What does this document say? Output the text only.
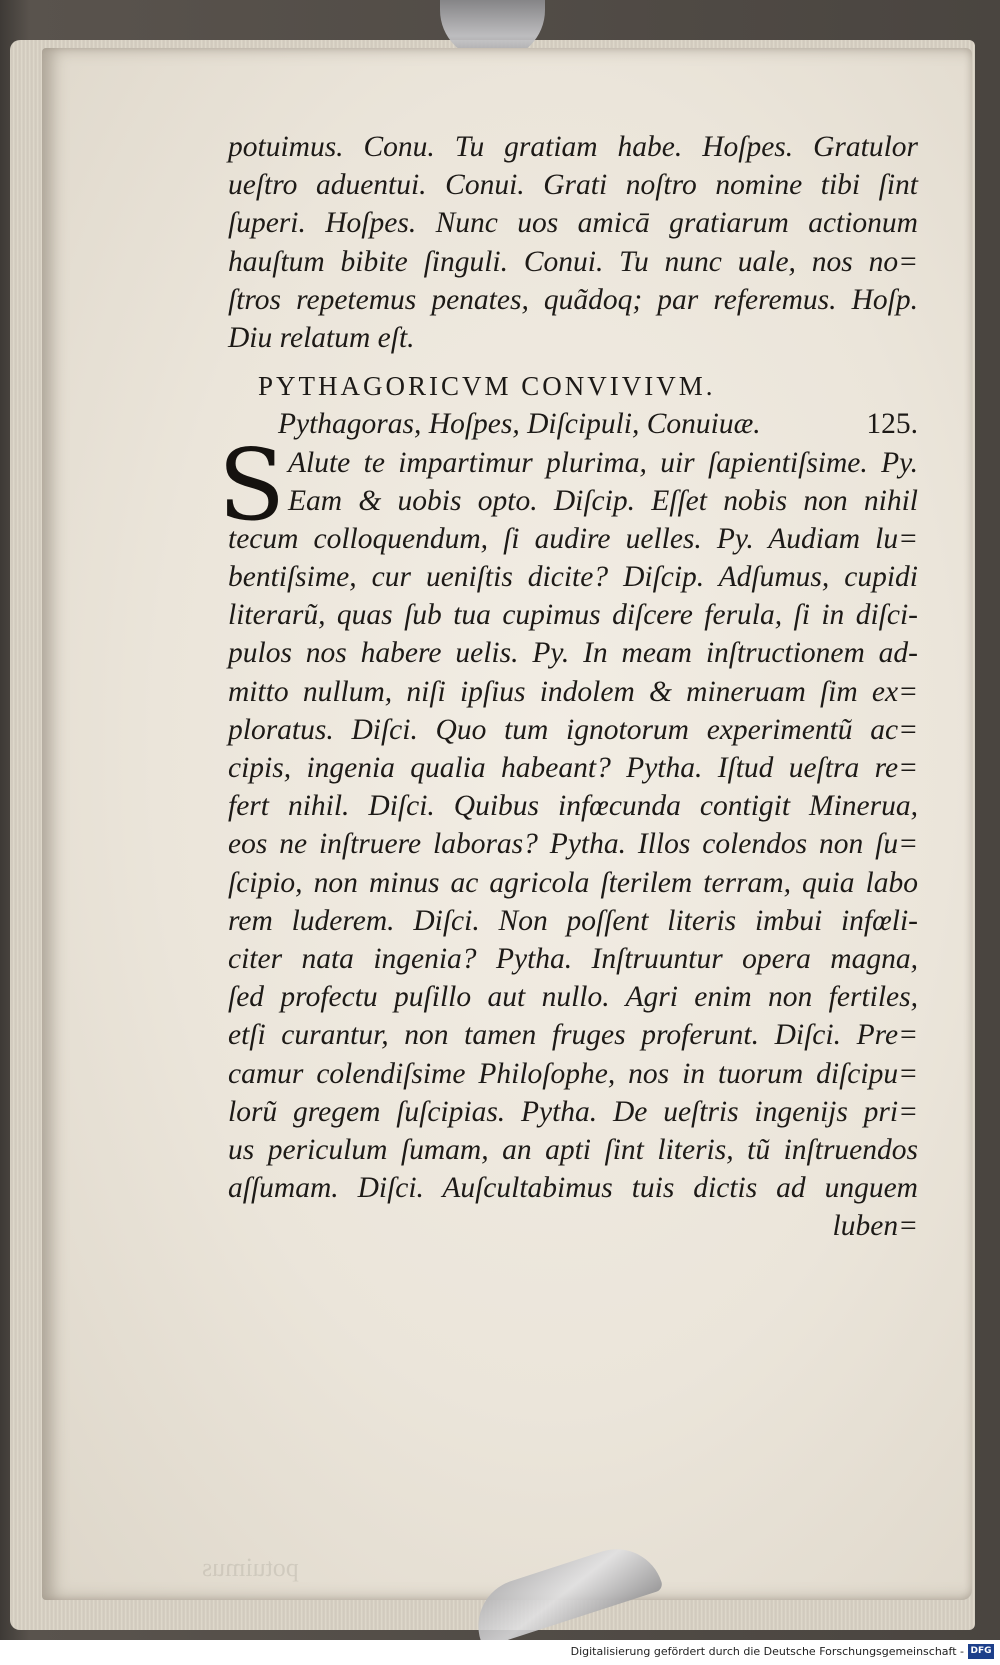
potuimus
potuimus. Conu. Tu gratiam habe. Hoſpes. Gratulor
ueſtro aduentui. Conui. Grati noſtro nomine tibi ſint
ſuperi. Hoſpes. Nunc uos amicā gratiarum actionum
hauſtum bibite ſinguli. Conui. Tu nunc uale, nos no=
ſtros repetemus penates, quãdoq; par referemus. Hoſp.
Diu relatum eſt.
PYTHAGORICVM CONVIVIVM.
Pythagoras, Hoſpes, Diſcipuli, Conuiuæ.	125.
S Alute te impartimur plurima, uir ſapientiſsime. Py.
Eam & uobis opto. Diſcip. Eſſet nobis non nihil
tecum colloquendum, ſi audire uelles. Py. Audiam lu=
bentiſsime, cur ueniſtis dicite? Diſcip. Adſumus, cupidi
literarũ, quas ſub tua cupimus diſcere ferula, ſi in diſci-
pulos nos habere uelis. Py. In meam inſtructionem ad-
mitto nullum, niſi ipſius indolem & mineruam ſim ex=
ploratus. Diſci. Quo tum ignotorum experimentũ ac=
cipis, ingenia qualia habeant? Pytha. Iſtud ueſtra re=
fert nihil. Diſci. Quibus infœcunda contigit Minerua,
eos ne inſtruere laboras? Pytha. Illos colendos non ſu=
ſcipio, non minus ac agricola ſterilem terram, quia labo
rem luderem. Diſci. Non poſſent literis imbui infœli-
citer nata ingenia? Pytha. Inſtruuntur opera magna,
ſed profectu puſillo aut nullo. Agri enim non fertiles,
etſi curantur, non tamen fruges proferunt. Diſci. Pre=
camur colendiſsime Philoſophe, nos in tuorum diſcipu=
lorũ gregem ſuſcipias. Pytha. De ueſtris ingenijs pri=
us periculum ſumam, an apti ſint literis, tũ inſtruendos
aſſumam. Diſci. Auſcultabimus tuis dictis ad unguem
luben=
Digitalisierung gefördert durch die Deutsche Forschungsgemeinschaft - DFG
